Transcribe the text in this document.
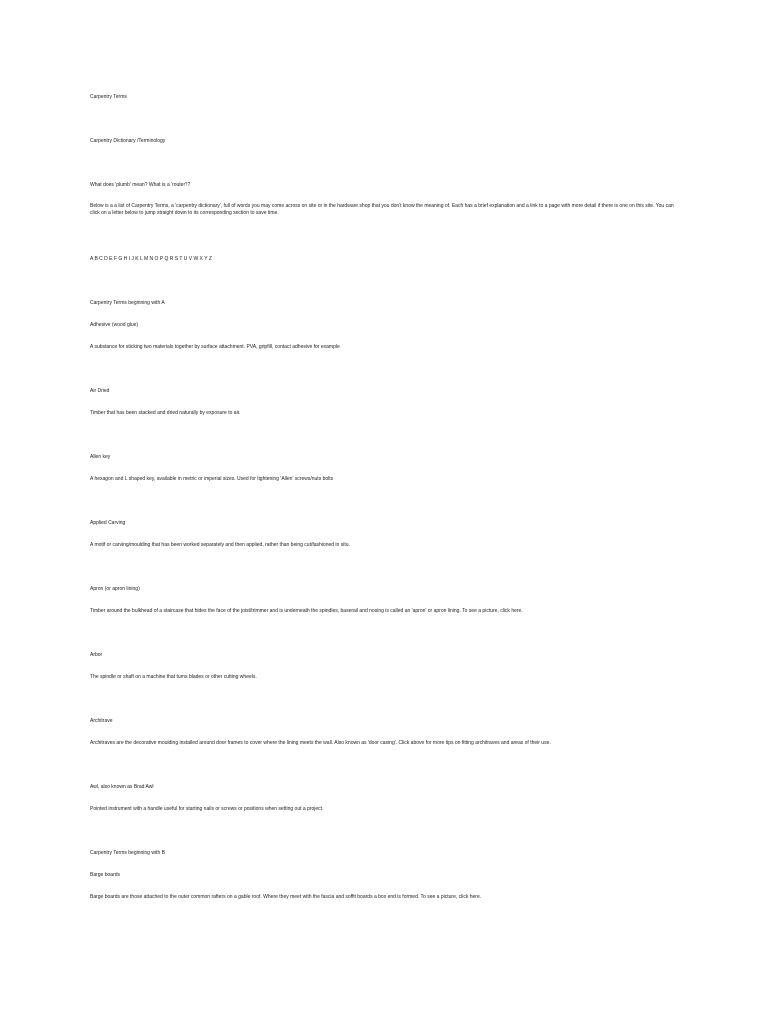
Carpentry Terms

Carpentry Dictionary /Terminology

What does 'plumb' mean? What is a 'router'!?

Below is a a list of Carpentry Terms, a 'carpentry dictionary', full of words you may come across on site or in the hardware shop that you don't know the meaning of. Each has a brief explanation and a link to a page with more detail if there is one on this site. You can click on a letter below to jump straight down to its corresponding section to save time.

A B C D E F G H I J K L M N O P Q R S T U V W X Y Z

Carpentry Terms beginning with A

Adhesive (wood glue)

A substance for sticking two materials together by surface attachment. PVA, gripfill, contact adhesive for example

Air Dried

Timber that has been stacked and dried naturally by exposure to air.

Allen key

A hexagon and L shaped key, available in metric or imperial sizes. Used for tightening 'Allen' screws/nuts bolts

Applied Carving

A motif or carving/moulding that has been worked separately and then applied, rather than being cut/fashioned in situ.

Apron (or apron lining)

Timber around the bulkhead of a staircase that hides the face of the joist/trimmer and is underneath the spindles, baserail and nosing is called an 'apron' or apron lining. To see a picture, click here.

Arbor

The spindle or shaft on a machine that turns blades or other cutting wheels.

Architrave

Architraves are the decorative moulding installed around door frames to cover where the lining meets the wall. Also known as 'door casing'. Click above for more tips on fitting architraves and areas of their use.

Awl, also known as Brad Awl

Pointed instrument with a handle useful for starting nails or screws or positions when setting out a project.

Carpentry Terms beginning with B

Barge boards

Barge boards are those attached to the outer common rafters on a gable roof. Where they meet with the fascia and soffit boards a box end is formed. To see a picture, click here.
